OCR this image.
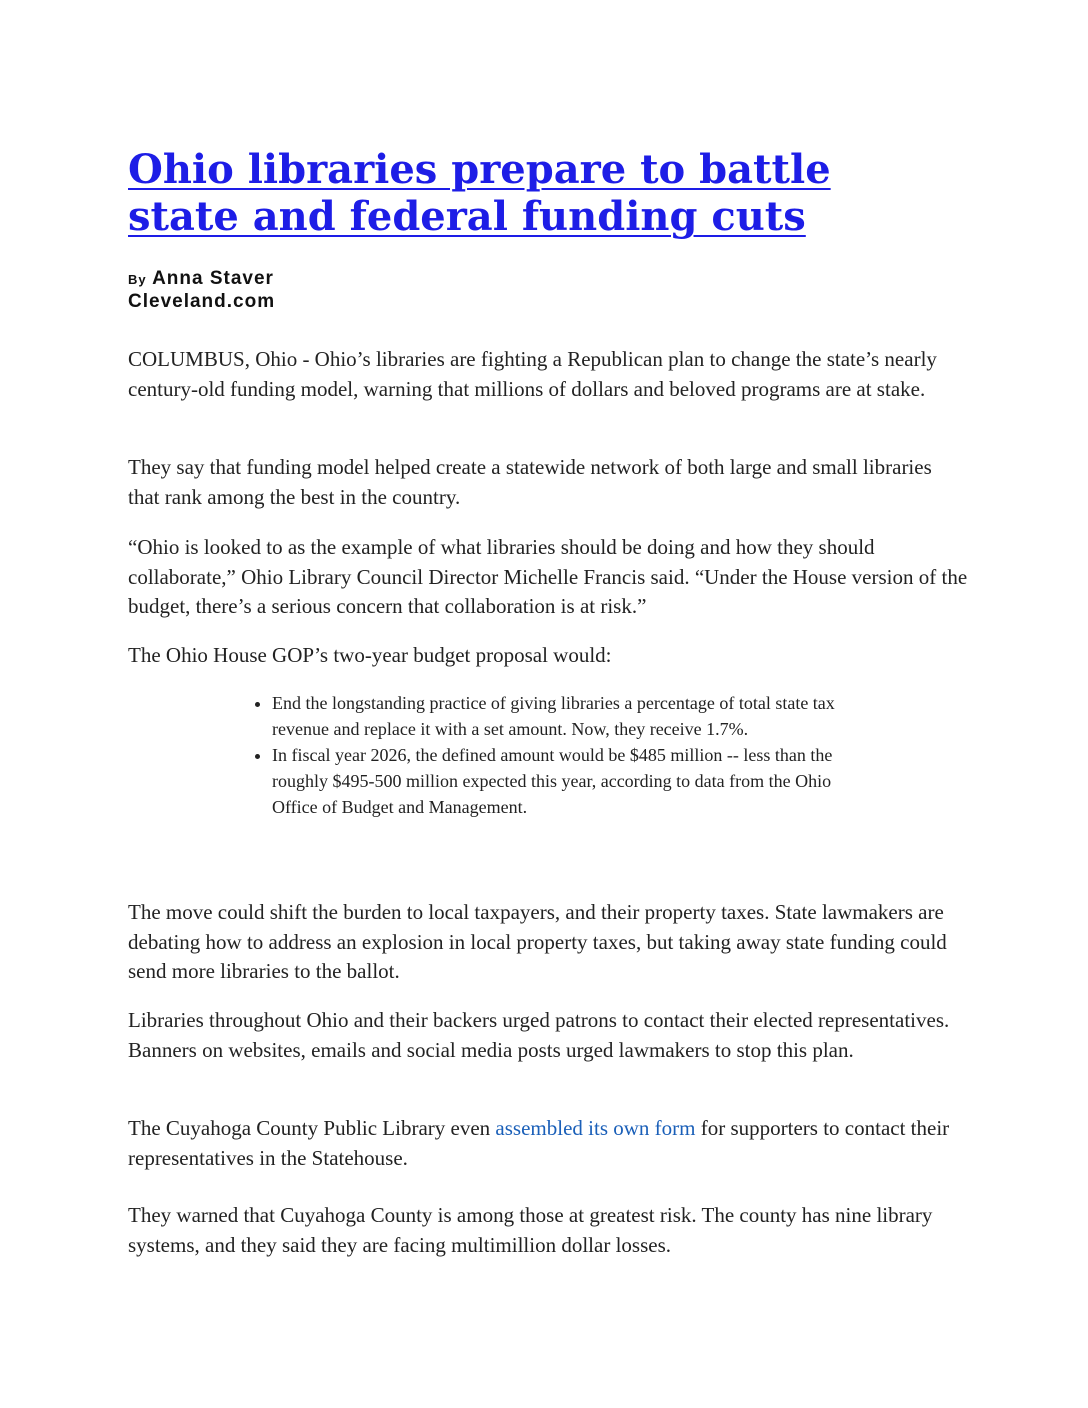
Ohio libraries prepare to battle state and federal funding cuts
By Anna Staver
Cleveland.com

COLUMBUS, Ohio - Ohio’s libraries are fighting a Republican plan to change the state’s nearly century-old funding model, warning that millions of dollars and beloved programs are at stake.

They say that funding model helped create a statewide network of both large and small libraries that rank among the best in the country.

“Ohio is looked to as the example of what libraries should be doing and how they should collaborate,” Ohio Library Council Director Michelle Francis said. “Under the House version of the budget, there’s a serious concern that collaboration is at risk.”

The Ohio House GOP’s two-year budget proposal would:

• End the longstanding practice of giving libraries a percentage of total state tax revenue and replace it with a set amount. Now, they receive 1.7%.
• In fiscal year 2026, the defined amount would be $485 million -- less than the roughly $495-500 million expected this year, according to data from the Ohio Office of Budget and Management.

The move could shift the burden to local taxpayers, and their property taxes. State lawmakers are debating how to address an explosion in local property taxes, but taking away state funding could send more libraries to the ballot.

Libraries throughout Ohio and their backers urged patrons to contact their elected representatives. Banners on websites, emails and social media posts urged lawmakers to stop this plan.

The Cuyahoga County Public Library even assembled its own form for supporters to contact their representatives in the Statehouse.

They warned that Cuyahoga County is among those at greatest risk. The county has nine library systems, and they said they are facing multimillion dollar losses.
